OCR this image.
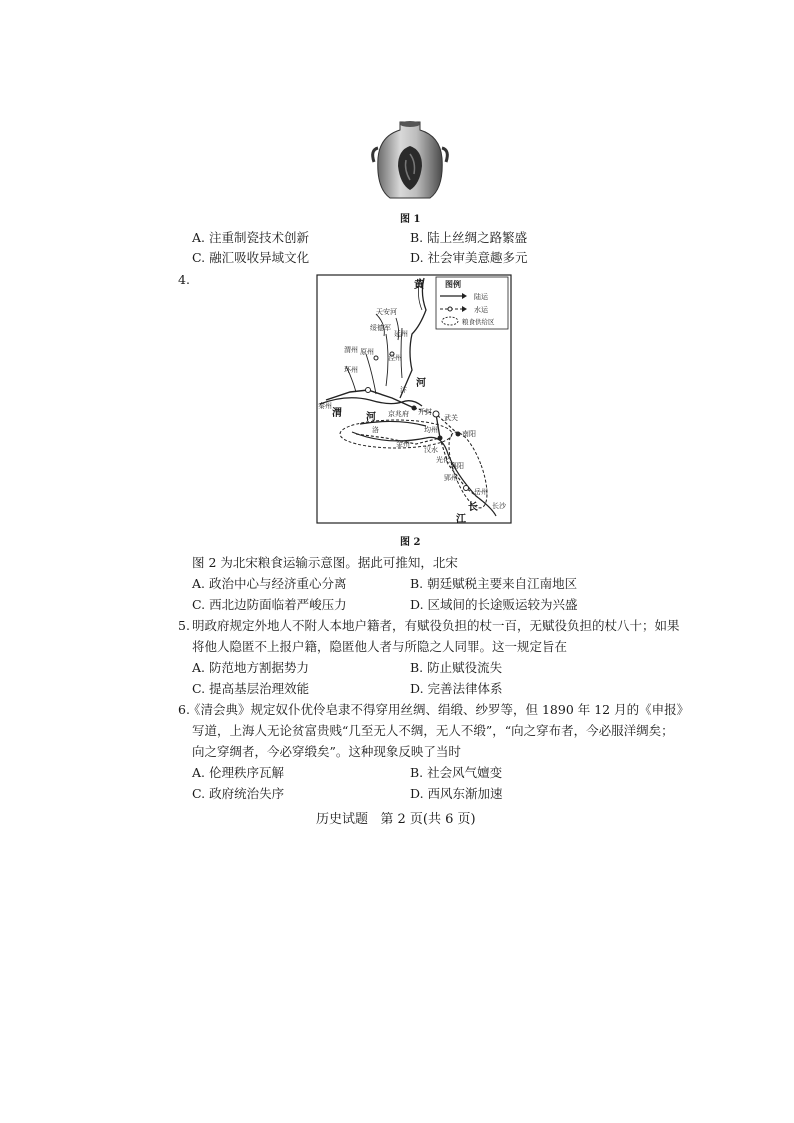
图 1
A. 注重制瓷技术创新	B. 陆上丝绸之路繁盛
C. 融汇吸收异域文化	D. 社会审美意趣多元
4.	图例
陆运
水运
粮食供给区
黄
河
渭 河
长
江
天安河
绥德军
延州
渭州 原州
泾州
环州
秦州
汴
京兆府 开封
武关
均州	南阳
洛
金州
汉水
襄阳
光化
长沙
郢州
岳州
图 2
图 2 为北宋粮食运输示意图。据此可推知，北宋
A. 政治中心与经济重心分离	B. 朝廷赋税主要来自江南地区
C. 西北边防面临着严峻压力	D. 区域间的长途贩运较为兴盛
5. 明政府规定外地人不附人本地户籍者，有赋役负担的杖一百，无赋役负担的杖八十；如果
将他人隐匿不上报户籍，隐匿他人者与所隐之人同罪。这一规定旨在
A. 防范地方割据势力	B. 防止赋役流失
C. 提高基层治理效能	D. 完善法律体系
6.
《清会典》规定奴仆优伶皂隶不得穿用丝绸、绢缎、纱罗等，但 1890 年 12 月的《申报》
写道，上海人无论贫富贵贱“几至无人不绸，无人不缎”，“向之穿布者，今必服洋绸矣；
向之穿绸者，今必穿缎矣”。这种现象反映了当时
A. 伦理秩序瓦解	B. 社会风气嬗变
C. 政府统治失序	D. 西风东渐加速
历史试题   第 2 页(共 6 页)
